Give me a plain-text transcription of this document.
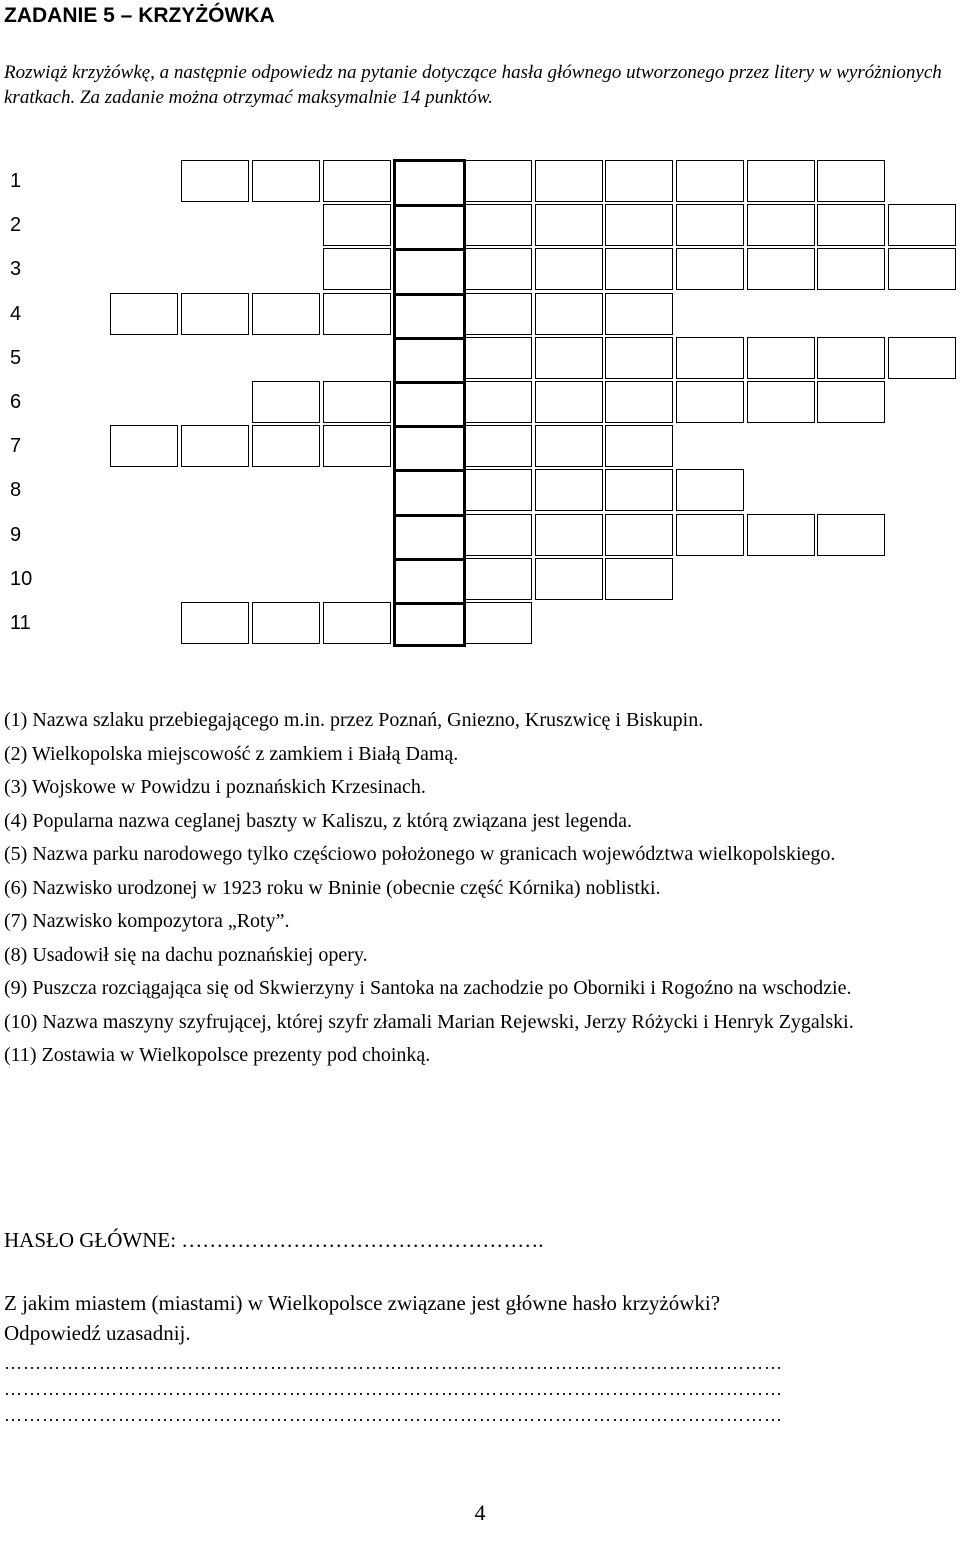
ZADANIE 5 – KRZYŻÓWKA
Rozwiąż krzyżówkę, a następnie odpowiedz na pytanie dotyczące hasła głównego utworzonego przez litery w wyróżnionych kratkach. Za zadanie można otrzymać maksymalnie 14 punktów.
1
2
3
4
5
6
7
8
9
10
11

(1) Nazwa szlaku przebiegającego m.in. przez Poznań, Gniezno, Kruszwicę i Biskupin.

(2) Wielkopolska miejscowość z zamkiem i Białą Damą.

(3) Wojskowe w Powidzu i poznańskich Krzesinach.

(4) Popularna nazwa ceglanej baszty w Kaliszu, z którą związana jest legenda.

(5) Nazwa parku narodowego tylko częściowo położonego w granicach województwa wielkopolskiego.

(6) Nazwisko urodzonej w 1923 roku w Bninie (obecnie część Kórnika) noblistki.

(7) Nazwisko kompozytora „Roty”.

(8) Usadowił się na dachu poznańskiej opery.

(9) Puszcza rozciągająca się od Skwierzyny i Santoka na zachodzie po Oborniki i Rogoźno na wschodzie.

(10) Nazwa maszyny szyfrującej, której szyfr złamali Marian Rejewski, Jerzy Różycki i Henryk Zygalski.

(11) Zostawia w Wielkopolsce prezenty pod choinką.

HASŁO GŁÓWNE: …………………………………………….

Z jakim miastem (miastami) w Wielkopolsce związane jest główne hasło krzyżówki?

Odpowiedź uzasadnij.

……………………………………………………………………………………………………………
……………………………………………………………………………………………………………
……………………………………………………………………………………………………………
4
